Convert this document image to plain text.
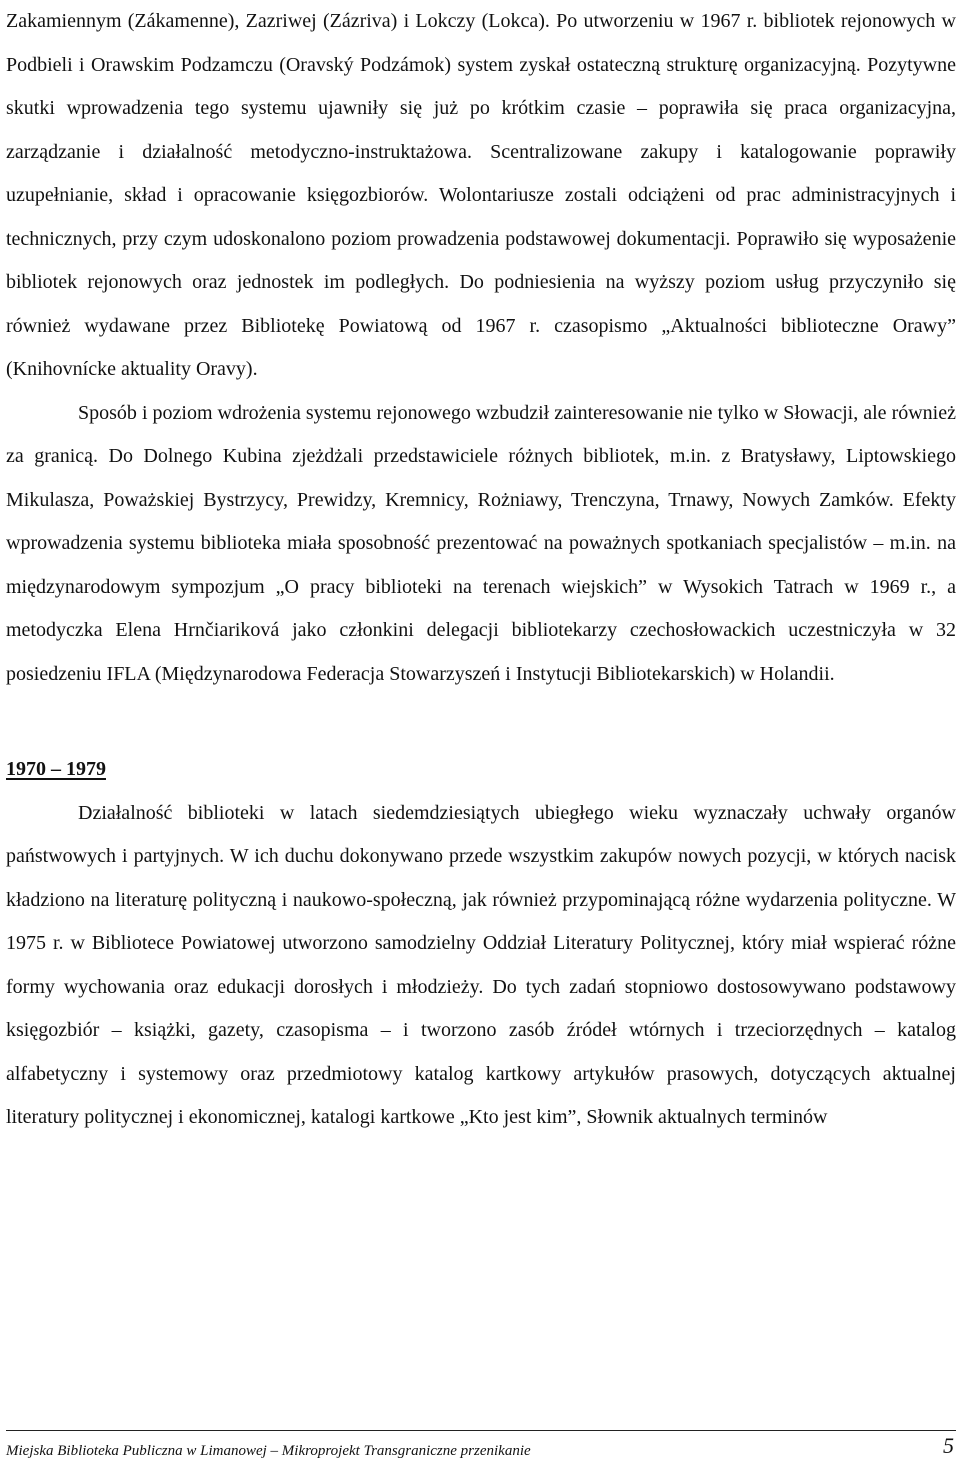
Zakamiennym (Zákamenne), Zazriwej (Zázriva) i Lokczy (Lokca). Po utworzeniu w 1967 r. bibliotek rejonowych w Podbieli i Orawskim Podzamczu (Oravský Podzámok) system zyskał ostateczną strukturę organizacyjną. Pozytywne skutki wprowadzenia tego systemu ujawniły się już po krótkim czasie – poprawiła się praca organizacyjna, zarządzanie i działalność metodyczno-instruktażowa. Scentralizowane zakupy i katalogowanie poprawiły uzupełnianie, skład i opracowanie księgozbiorów. Wolontariusze zostali odciążeni od prac administracyjnych i technicznych, przy czym udoskonalono poziom prowadzenia podstawowej dokumentacji. Poprawiło się wyposażenie bibliotek rejonowych oraz jednostek im podległych. Do podniesienia na wyższy poziom usług przyczyniło się również wydawane przez Bibliotekę Powiatową od 1967 r. czasopismo „Aktualności biblioteczne Orawy” (Knihovnícke aktuality Oravy).

Sposób i poziom wdrożenia systemu rejonowego wzbudził zainteresowanie nie tylko w Słowacji, ale również za granicą. Do Dolnego Kubina zjeżdżali przedstawiciele różnych bibliotek, m.in. z Bratysławy, Liptowskiego Mikulasza, Poważskiej Bystrzycy, Prewidzy, Kremnicy, Rożniawy, Trenczyna, Trnawy, Nowych Zamków. Efekty wprowadzenia systemu biblioteka miała sposobność prezentować na poważnych spotkaniach specjalistów – m.in. na międzynarodowym sympozjum „O pracy biblioteki na terenach wiejskich” w Wysokich Tatrach w 1969 r., a metodyczka Elena Hrnčiariková jako członkini delegacji bibliotekarzy czechosłowackich uczestniczyła w 32 posiedzeniu IFLA (Międzynarodowa Federacja Stowarzyszeń i Instytucji Bibliotekarskich) w Holandii.

1970 – 1979

Działalność biblioteki w latach siedemdziesiątych ubiegłego wieku wyznaczały uchwały organów państwowych i partyjnych. W ich duchu dokonywano przede wszystkim zakupów nowych pozycji, w których nacisk kładziono na literaturę polityczną i naukowo-społeczną, jak również przypominającą różne wydarzenia polityczne. W 1975 r. w Bibliotece Powiatowej utworzono samodzielny Oddział Literatury Politycznej, który miał wspierać różne formy wychowania oraz edukacji dorosłych i młodzieży. Do tych zadań stopniowo dostosowywano podstawowy księgozbiór – książki, gazety, czasopisma – i tworzono zasób źródeł wtórnych i trzeciorzędnych – katalog alfabetyczny i systemowy oraz przedmiotowy katalog kartkowy artykułów prasowych, dotyczących aktualnej literatury politycznej i ekonomicznej, katalogi kartkowe „Kto jest kim”, Słownik aktualnych terminów

Miejska Biblioteka Publiczna w Limanowej – Mikroprojekt Transgraniczne przenikanie	5
